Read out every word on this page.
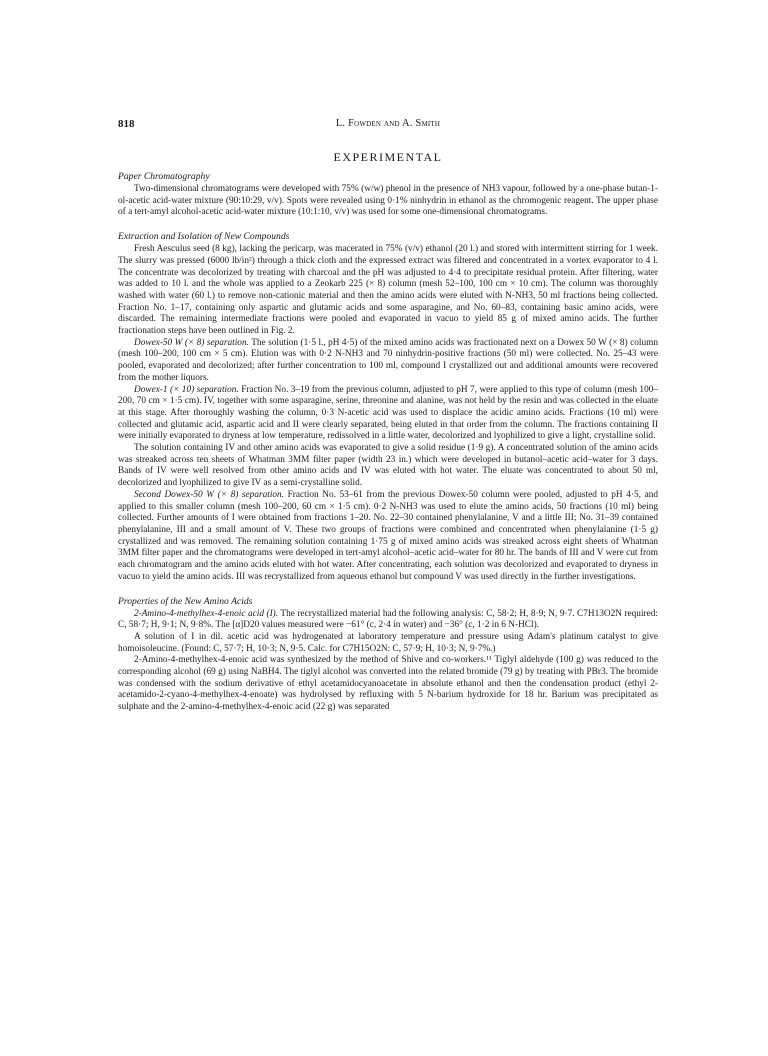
818	L. Fowden and A. Smith
EXPERIMENTAL
Paper Chromatography

Two-dimensional chromatograms were developed with 75% (w/w) phenol in the presence of NH3 vapour, followed by a one-phase butan-1-ol-acetic acid-water mixture (90:10:29, v/v). Spots were revealed using 0·1% ninhydrin in ethanol as the chromogenic reagent. The upper phase of a tert-amyl alcohol-acetic acid-water mixture (10:1:10, v/v) was used for some one-dimensional chromatograms.

Extraction and Isolation of New Compounds

Fresh Aesculus seed (8 kg), lacking the pericarp, was macerated in 75% (v/v) ethanol (20 l.) and stored with intermittent stirring for 1 week. The slurry was pressed (6000 lb/in²) through a thick cloth and the expressed extract was filtered and concentrated in a vortex evaporator to 4 l. The concentrate was decolorized by treating with charcoal and the pH was adjusted to 4·4 to precipitate residual protein. After filtering, water was added to 10 l. and the whole was applied to a Zeokarb 225 (× 8) column (mesh 52–100, 100 cm × 10 cm). The column was thoroughly washed with water (60 l.) to remove non-cationic material and then the amino acids were eluted with N-NH3, 50 ml fractions being collected. Fraction No. 1–17, containing only aspartic and glutamic acids and some asparagine, and No. 60–83, containing basic amino acids, were discarded. The remaining intermediate fractions were pooled and evaporated in vacuo to yield 85 g of mixed amino acids. The further fractionation steps have been outlined in Fig. 2.

Dowex-50 W (× 8) separation. The solution (1·5 l., pH 4·5) of the mixed amino acids was fractionated next on a Dowex 50 W (× 8) column (mesh 100–200, 100 cm × 5 cm). Elution was with 0·2 N-NH3 and 70 ninhydrin-positive fractions (50 ml) were collected. No. 25–43 were pooled, evaporated and decolorized; after further concentration to 100 ml, compound I crystallized out and additional amounts were recovered from the mother liquors.

Dowex-1 (× 10) separation. Fraction No. 3–19 from the previous column, adjusted to pH 7, were applied to this type of column (mesh 100–200, 70 cm × 1·5 cm). IV, together with some asparagine, serine, threonine and alanine, was not held by the resin and was collected in the eluate at this stage. After thoroughly washing the column, 0·3 N-acetic acid was used to displace the acidic amino acids. Fractions (10 ml) were collected and glutamic acid, aspartic acid and II were clearly separated, being eluted in that order from the column. The fractions containing II were initially evaporated to dryness at low temperature, redissolved in a little water, decolorized and lyophilized to give a light, crystalline solid.

The solution containing IV and other amino acids was evaporated to give a solid residue (1·9 g). A concentrated solution of the amino acids was streaked across ten sheets of Whatman 3MM filter paper (width 23 in.) which were developed in butanol–acetic acid–water for 3 days. Bands of IV were well resolved from other amino acids and IV was eluted with hot water. The eluate was concentrated to about 50 ml, decolorized and lyophilized to give IV as a semi-crystalline solid.

Second Dowex-50 W (× 8) separation. Fraction No. 53–61 from the previous Dowex-50 column were pooled, adjusted to pH 4·5, and applied to this smaller column (mesh 100–200, 60 cm × 1·5 cm). 0·2 N-NH3 was used to elute the amino acids, 50 fractions (10 ml) being collected. Further amounts of I were obtained from fractions 1–20. No. 22–30 contained phenylalanine, V and a little III; No. 31–39 contained phenylalanine, III and a small amount of V. These two groups of fractions were combined and concentrated when phenylalanine (1·5 g) crystallized and was removed. The remaining solution containing 1·75 g of mixed amino acids was streaked across eight sheets of Whatman 3MM filter paper and the chromatograms were developed in tert-amyl alcohol–acetic acid–water for 80 hr. The bands of III and V were cut from each chromatogram and the amino acids eluted with hot water. After concentrating, each solution was decolorized and evaporated to dryness in vacuo to yield the amino acids. III was recrystallized from aqueous ethanol but compound V was used directly in the further investigations.

Properties of the New Amino Acids

2-Amino-4-methylhex-4-enoic acid (I). The recrystallized material had the following analysis: C, 58·2; H, 8·9; N, 9·7. C7H13O2N required: C, 58·7; H, 9·1; N, 9·8%. The [α]D20 values measured were −61° (c, 2·4 in water) and −36° (c, 1·2 in 6 N-HCl).

A solution of I in dil. acetic acid was hydrogenated at laboratory temperature and pressure using Adam's platinum catalyst to give homoisoleucine. (Found: C, 57·7; H, 10·3; N, 9·5. Calc. for C7H15O2N: C, 57·9; H, 10·3; N, 9·7%.)

2-Amino-4-methylhex-4-enoic acid was synthesized by the method of Shive and co-workers.¹¹ Tiglyl aldehyde (100 g) was reduced to the corresponding alcohol (69 g) using NaBH4. The tiglyl alcohol was converted into the related bromide (79 g) by treating with PBr3. The bromide was condensed with the sodium derivative of ethyl acetamidocyanoacetate in absolute ethanol and then the condensation product (ethyl 2-acetamido-2-cyano-4-methylhex-4-enoate) was hydrolysed by refluxing with 5 N-barium hydroxide for 18 hr. Barium was precipitated as sulphate and the 2-amino-4-methylhex-4-enoic acid (22 g) was separated
